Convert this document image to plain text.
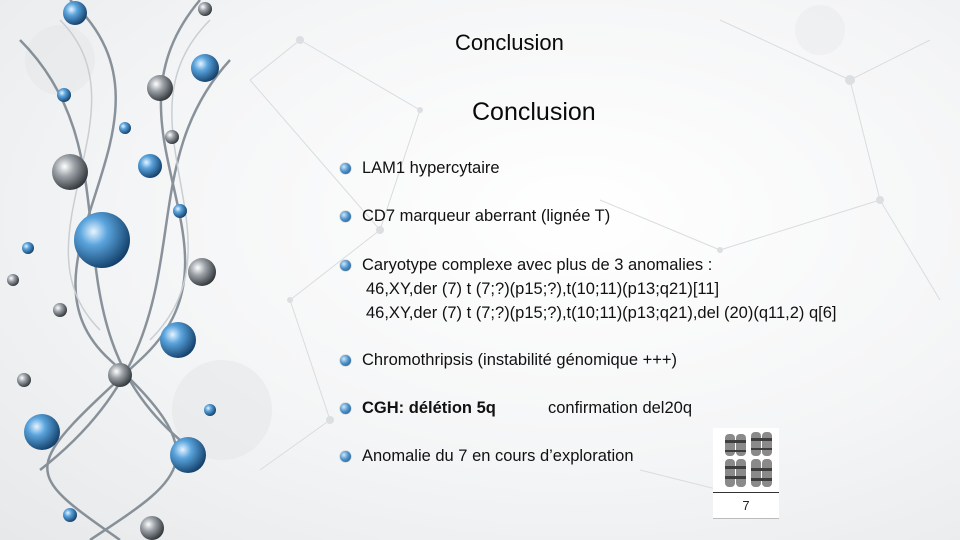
Conclusion
Conclusion
LAM1 hypercytaire
CD7 marqueur aberrant (lignée T)
Caryotype complexe avec plus de 3 anomalies :
46,XY,der (7) t (7;?)(p15;?),t(10;11)(p13;q21)[11]
46,XY,der (7) t (7;?)(p15;?),t(10;11)(p13;q21),del (20)(q11,2) q[6]
Chromothripsis (instabilité génomique +++)
CGH: délétion 5q	confirmation del20q
Anomalie du 7 en cours d’exploration
7
